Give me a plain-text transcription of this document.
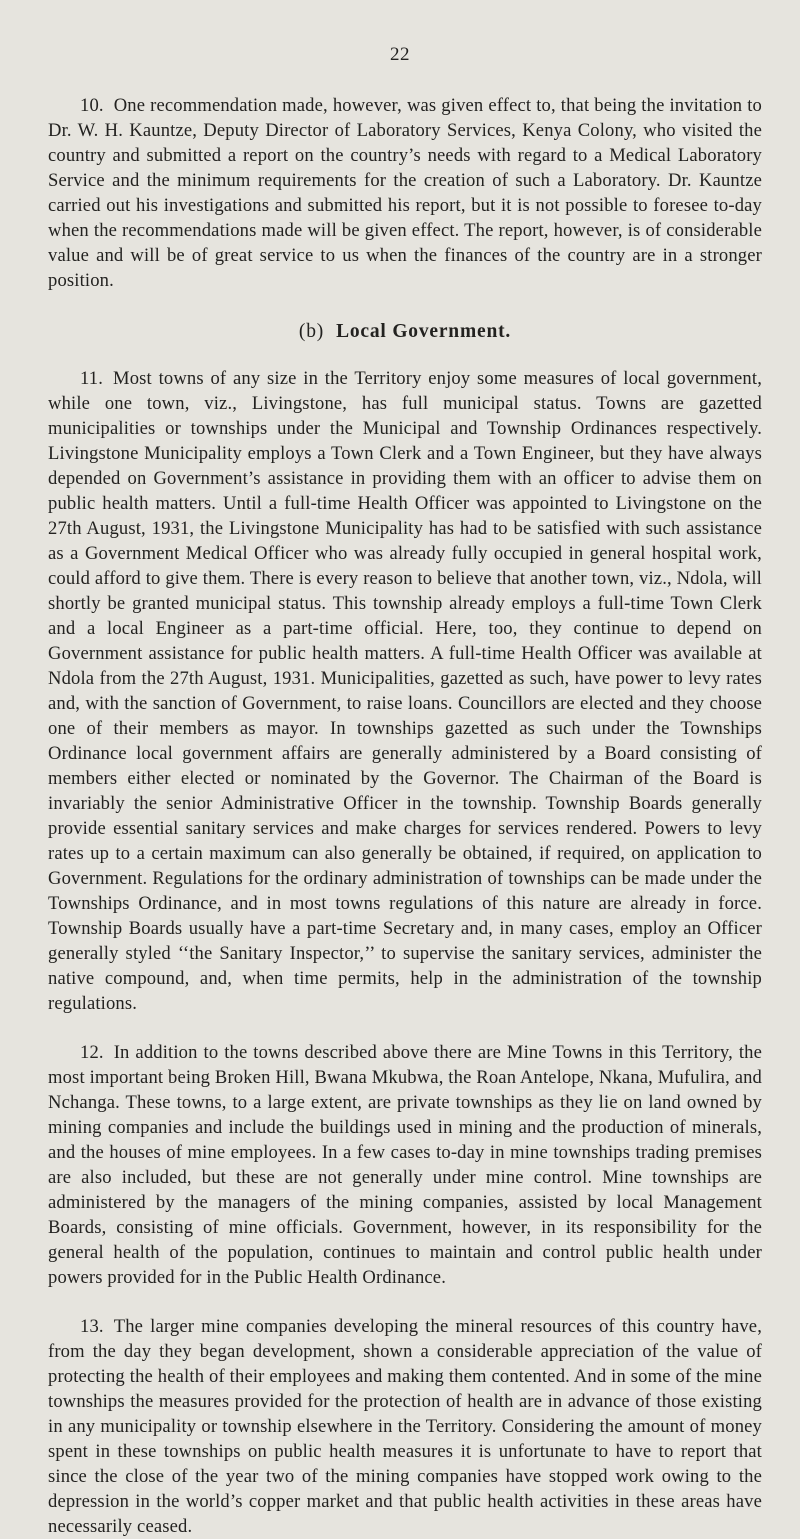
22

10. One recommendation made, however, was given effect to, that being the invitation to Dr. W. H. Kauntze, Deputy Director of Laboratory Services, Kenya Colony, who visited the country and submitted a report on the country’s needs with regard to a Medical Laboratory Service and the minimum requirements for the creation of such a Laboratory. Dr. Kauntze carried out his investigations and submitted his report, but it is not possible to foresee to-day when the recommendations made will be given effect. The report, however, is of considerable value and will be of great service to us when the finances of the country are in a stronger position.

(b) Local Government.

11. Most towns of any size in the Territory enjoy some measures of local government, while one town, viz., Livingstone, has full municipal status. Towns are gazetted municipalities or townships under the Municipal and Township Ordinances respectively. Livingstone Municipality employs a Town Clerk and a Town Engineer, but they have always depended on Government’s assistance in providing them with an officer to advise them on public health matters. Until a full-time Health Officer was appointed to Livingstone on the 27th August, 1931, the Livingstone Municipality has had to be satisfied with such assistance as a Government Medical Officer who was already fully occupied in general hospital work, could afford to give them. There is every reason to believe that another town, viz., Ndola, will shortly be granted municipal status. This township already employs a full-time Town Clerk and a local Engineer as a part-time official. Here, too, they continue to depend on Government assistance for public health matters. A full-time Health Officer was available at Ndola from the 27th August, 1931. Municipalities, gazetted as such, have power to levy rates and, with the sanction of Government, to raise loans. Councillors are elected and they choose one of their members as mayor. In townships gazetted as such under the Townships Ordinance local government affairs are generally administered by a Board consisting of members either elected or nominated by the Governor. The Chairman of the Board is invariably the senior Administrative Officer in the township. Township Boards generally provide essential sanitary services and make charges for services rendered. Powers to levy rates up to a certain maximum can also generally be obtained, if required, on application to Government. Regulations for the ordinary administration of townships can be made under the Townships Ordinance, and in most towns regulations of this nature are already in force. Township Boards usually have a part-time Secretary and, in many cases, employ an Officer generally styled ‘‘the Sanitary Inspector,’’ to supervise the sanitary services, administer the native compound, and, when time permits, help in the administration of the township regulations.

12. In addition to the towns described above there are Mine Towns in this Territory, the most important being Broken Hill, Bwana Mkubwa, the Roan Antelope, Nkana, Mufulira, and Nchanga. These towns, to a large extent, are private townships as they lie on land owned by mining companies and include the buildings used in mining and the production of minerals, and the houses of mine employees. In a few cases to-day in mine townships trading premises are also included, but these are not generally under mine control. Mine townships are administered by the managers of the mining companies, assisted by local Management Boards, consisting of mine officials. Government, however, in its responsibility for the general health of the population, continues to maintain and control public health under powers provided for in the Public Health Ordinance.

13. The larger mine companies developing the mineral resources of this country have, from the day they began development, shown a considerable appreciation of the value of protecting the health of their employees and making them contented. And in some of the mine townships the measures provided for the protection of health are in advance of those existing in any municipality or township elsewhere in the Territory. Considering the amount of money spent in these townships on public health measures it is unfortunate to have to report that since the close of the year two of the mining companies have stopped work owing to the depression in the world’s copper market and that public health activities in these areas have necessarily ceased.
